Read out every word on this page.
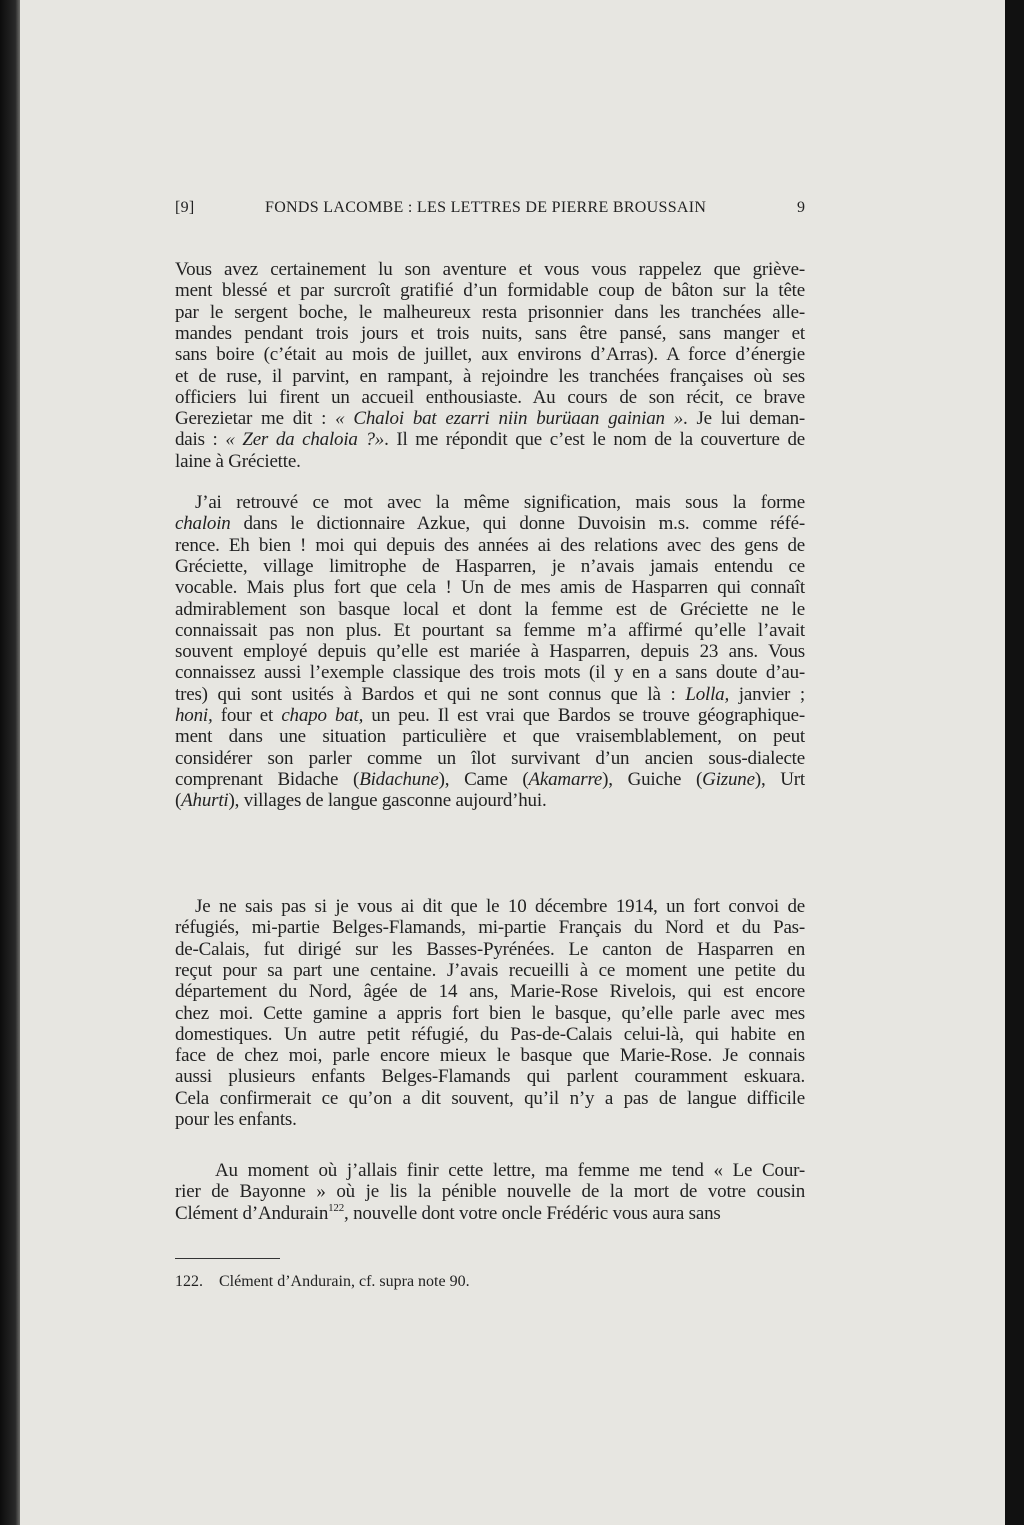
[9]	FONDS LACOMBE : LES LETTRES DE PIERRE BROUSSAIN	9
Vous avez certainement lu son aventure et vous vous rappelez que griève-
ment blessé et par surcroît gratifié d’un formidable coup de bâton sur la tête
par le sergent boche, le malheureux resta prisonnier dans les tranchées alle-
mandes pendant trois jours et trois nuits, sans être pansé, sans manger et
sans boire (c’était au mois de juillet, aux environs d’Arras). A force d’énergie
et de ruse, il parvint, en rampant, à rejoindre les tranchées françaises où ses
officiers lui firent un accueil enthousiaste. Au cours de son récit, ce brave
Gerezietar me dit : « Chaloi bat ezarri niin burüaan gainian ». Je lui deman-
dais : « Zer da chaloia ?». Il me répondit que c’est le nom de la couverture de
laine à Gréciette.
J’ai retrouvé ce mot avec la même signification, mais sous la forme
chaloin dans le dictionnaire Azkue, qui donne Duvoisin m.s. comme réfé-
rence. Eh bien ! moi qui depuis des années ai des relations avec des gens de
Gréciette, village limitrophe de Hasparren, je n’avais jamais entendu ce
vocable. Mais plus fort que cela ! Un de mes amis de Hasparren qui connaît
admirablement son basque local et dont la femme est de Gréciette ne le
connaissait pas non plus. Et pourtant sa femme m’a affirmé qu’elle l’avait
souvent employé depuis qu’elle est mariée à Hasparren, depuis 23 ans. Vous
connaissez aussi l’exemple classique des trois mots (il y en a sans doute d’au-
tres) qui sont usités à Bardos et qui ne sont connus que là : Lolla, janvier ;
honi, four et chapo bat, un peu. Il est vrai que Bardos se trouve géographique-
ment dans une situation particulière et que vraisemblablement, on peut
considérer son parler comme un îlot survivant d’un ancien sous-dialecte
comprenant Bidache (Bidachune), Came (Akamarre), Guiche (Gizune), Urt
(Ahurti), villages de langue gasconne aujourd’hui.
Je ne sais pas si je vous ai dit que le 10 décembre 1914, un fort convoi de
réfugiés, mi-partie Belges-Flamands, mi-partie Français du Nord et du Pas-
de-Calais, fut dirigé sur les Basses-Pyrénées. Le canton de Hasparren en
reçut pour sa part une centaine. J’avais recueilli à ce moment une petite du
département du Nord, âgée de 14 ans, Marie-Rose Rivelois, qui est encore
chez moi. Cette gamine a appris fort bien le basque, qu’elle parle avec mes
domestiques. Un autre petit réfugié, du Pas-de-Calais celui-là, qui habite en
face de chez moi, parle encore mieux le basque que Marie-Rose. Je connais
aussi plusieurs enfants Belges-Flamands qui parlent couramment eskuara.
Cela confirmerait ce qu’on a dit souvent, qu’il n’y a pas de langue difficile
pour les enfants.
Au moment où j’allais finir cette lettre, ma femme me tend « Le Cour-
rier de Bayonne » où je lis la pénible nouvelle de la mort de votre cousin
Clément d’Andurain$^{122}$, nouvelle dont votre oncle Frédéric vous aura sans
122. Clément d’Andurain, cf. supra note 90.
